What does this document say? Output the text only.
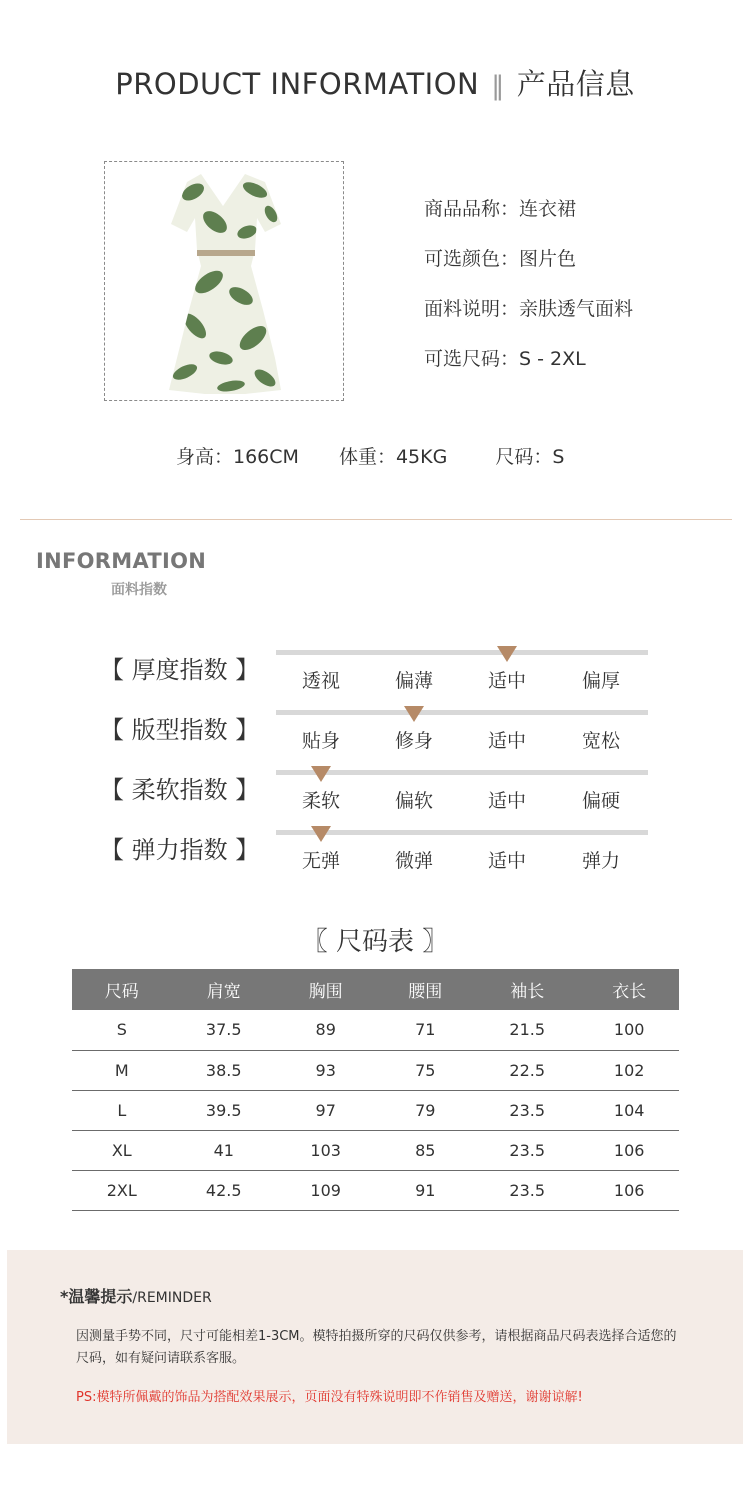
PRODUCT INFORMATION ‖ 产品信息
商品品称：连衣裙
可选颜色：图片色
面料说明：亲肤透气面料
可选尺码：S - 2XL
身高：166CM 体重：45KG	尺码：S
INFORMATION
面料指数
【 厚度指数 】	透视	偏薄	适中	偏厚
【 版型指数 】	贴身	修身	适中	宽松
【 柔软指数 】	柔软	偏软	适中	偏硬
【 弹力指数 】	无弹	微弹	适中	弹力
〖 尺码表 〗
尺码	肩宽	胸围	腰围	袖长	衣长
S	37.5	89	71	21.5	100
M	38.5	93	75	22.5	102
L	39.5	97	79	23.5	104
XL	41	103	85	23.5	106
2XL	42.5	109	91	23.5	106
*温馨提示/REMINDER
因测量手势不同，尺寸可能相差1-3CM。模特拍摄所穿的尺码仅供参考，请根据商品尺码表选择合适您的尺码，如有疑问请联系客服。
PS:模特所佩戴的饰品为搭配效果展示，页面没有特殊说明即不作销售及赠送，谢谢谅解!
